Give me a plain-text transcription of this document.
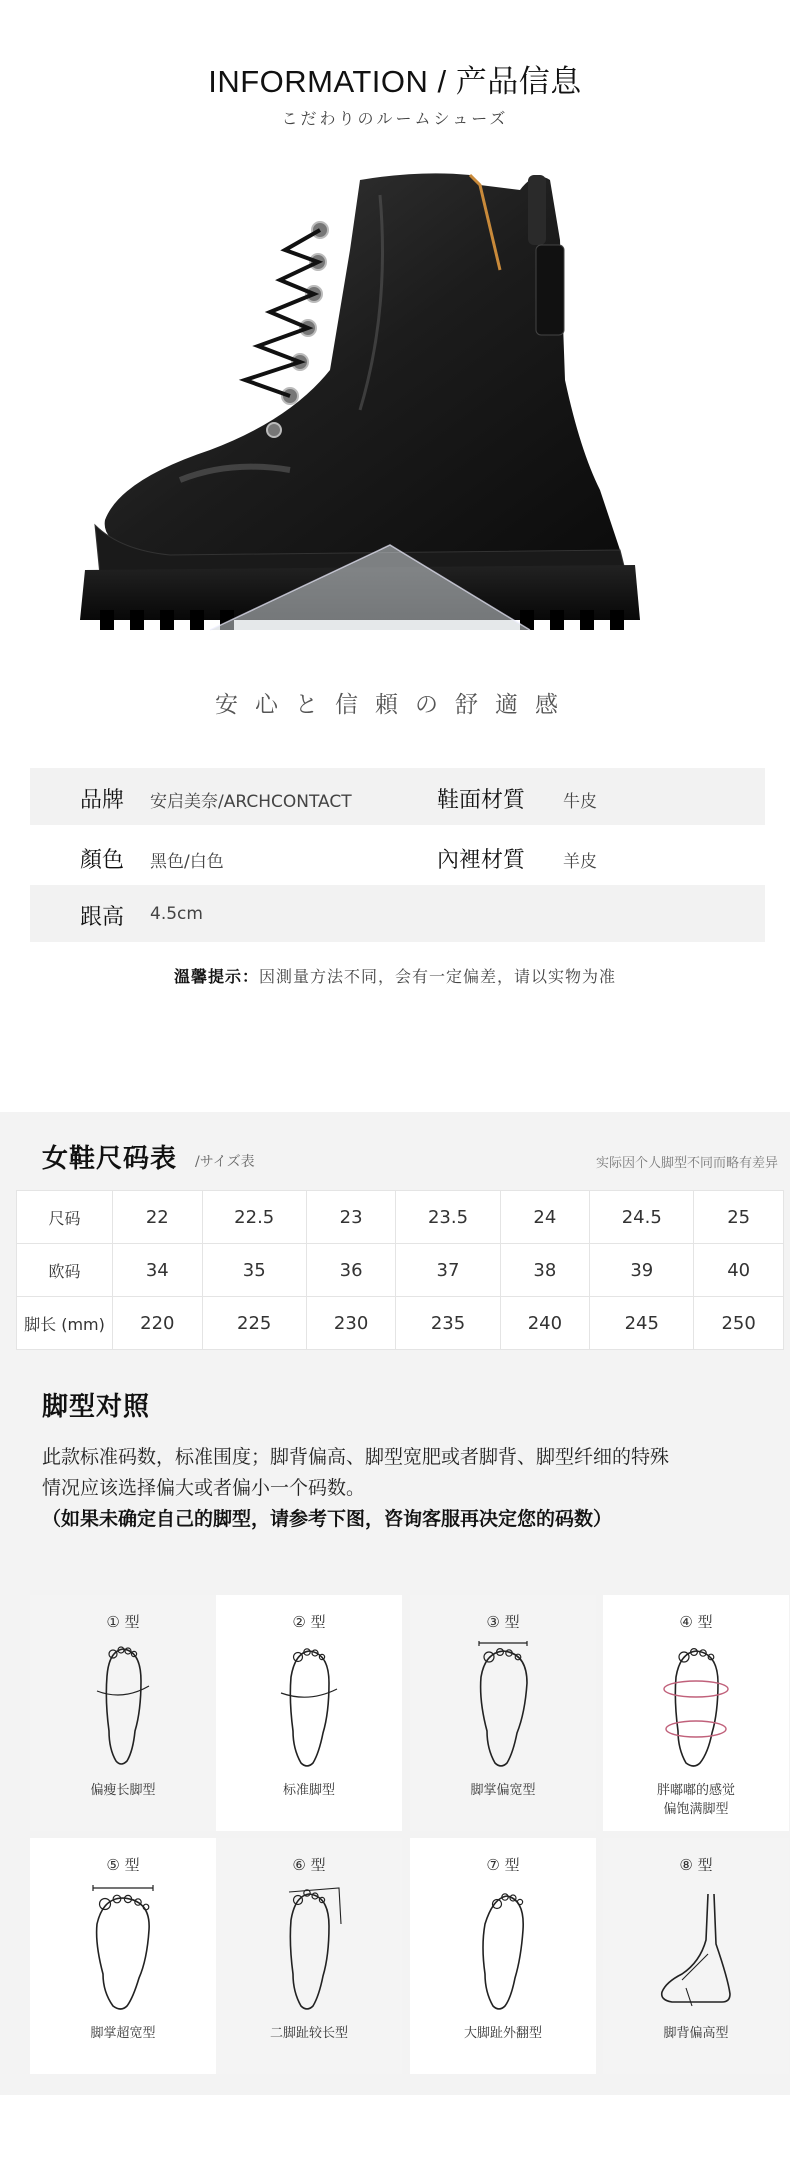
INFORMATION / 产品信息
こだわりのルームシューズ
安心と信頼の舒適感
品牌 安启美奈/ARCHCONTACT	鞋面材質 牛皮
顏色 黑色/白色	內裡材質 羊皮
跟高 4.5cm
溫馨提示：因測量方法不同，会有一定偏差，请以实物为准
女鞋尺码表 /サイズ表	实际因个人脚型不同而略有差异
尺码	22	22.5	23	23.5	24	24.5	25
欧码	34	35	36	37	38	39	40
脚长 (mm)	220	225	230	235	240	245	250
脚型对照
此款标准码数，标准围度；脚背偏高、脚型宽肥或者脚背、脚型纤细的特殊
情况应该选择偏大或者偏小一个码数。
（如果未确定自己的脚型，请参考下图，咨询客服再决定您的码数）
① 型
偏瘦长脚型
② 型
标准脚型
③ 型
脚掌偏宽型
④ 型
胖嘟嘟的感觉
偏饱满脚型
⑤ 型
脚掌超宽型
⑥ 型
二脚趾较长型
⑦ 型
大脚趾外翻型
⑧ 型
脚背偏高型
